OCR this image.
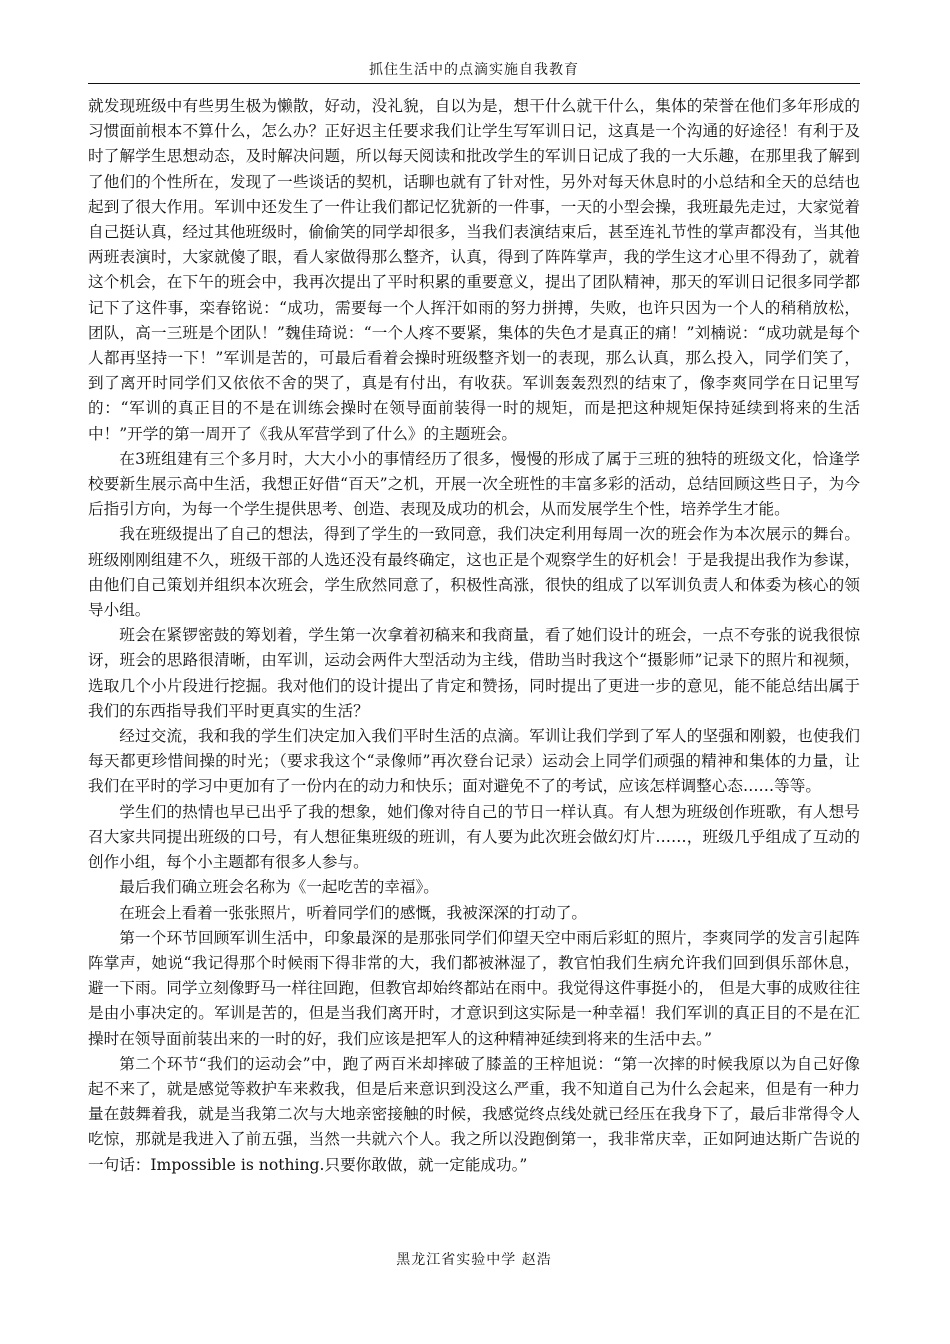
抓住生活中的点滴实施自我教育

就发现班级中有些男生极为懒散，好动，没礼貌，自以为是，想干什么就干什么，集体的荣誉在他们多年形成的习惯面前根本不算什么，怎么办？正好迟主任要求我们让学生写军训日记，这真是一个沟通的好途径！有利于及时了解学生思想动态，及时解决问题，所以每天阅读和批改学生的军训日记成了我的一大乐趣，在那里我了解到了他们的个性所在，发现了一些谈话的契机，话聊也就有了针对性，另外对每天休息时的小总结和全天的总结也起到了很大作用。军训中还发生了一件让我们都记忆犹新的一件事，一天的小型会操，我班最先走过，大家觉着自己挺认真，经过其他班级时，偷偷笑的同学却很多，当我们表演结束后，甚至连礼节性的掌声都没有，当其他两班表演时，大家就傻了眼，看人家做得那么整齐，认真，得到了阵阵掌声，我的学生这才心里不得劲了，就着这个机会，在下午的班会中，我再次提出了平时积累的重要意义，提出了团队精神，那天的军训日记很多同学都记下了这件事，栾春铭说：“成功，需要每一个人挥汗如雨的努力拼搏，失败，也许只因为一个人的稍稍放松，团队，高一三班是个团队！”魏佳琦说：“一个人疼不要紧，集体的失色才是真正的痛！”刘楠说：“成功就是每个人都再坚持一下！”军训是苦的，可最后看着会操时班级整齐划一的表现，那么认真，那么投入，同学们笑了，到了离开时同学们又依依不舍的哭了，真是有付出，有收获。军训轰轰烈烈的结束了，像李爽同学在日记里写的：“军训的真正目的不是在训练会操时在领导面前装得一时的规矩，而是把这种规矩保持延续到将来的生活中！”开学的第一周开了《我从军营学到了什么》的主题班会。

在3班组建有三个多月时，大大小小的事情经历了很多，慢慢的形成了属于三班的独特的班级文化，恰逢学校要新生展示高中生活，我想正好借“百天”之机，开展一次全班性的丰富多彩的活动，总结回顾这些日子，为今后指引方向，为每一个学生提供思考、创造、表现及成功的机会，从而发展学生个性，培养学生才能。

我在班级提出了自己的想法，得到了学生的一致同意，我们决定利用每周一次的班会作为本次展示的舞台。班级刚刚组建不久，班级干部的人选还没有最终确定，这也正是个观察学生的好机会！于是我提出我作为参谋，由他们自己策划并组织本次班会，学生欣然同意了，积极性高涨，很快的组成了以军训负责人和体委为核心的领导小组。

班会在紧锣密鼓的筹划着，学生第一次拿着初稿来和我商量，看了她们设计的班会，一点不夸张的说我很惊讶，班会的思路很清晰，由军训，运动会两件大型活动为主线，借助当时我这个“摄影师”记录下的照片和视频，选取几个小片段进行挖掘。我对他们的设计提出了肯定和赞扬，同时提出了更进一步的意见，能不能总结出属于我们的东西指导我们平时更真实的生活？

经过交流，我和我的学生们决定加入我们平时生活的点滴。军训让我们学到了军人的坚强和刚毅，也使我们每天都更珍惜间操的时光；（要求我这个“录像师”再次登台记录）运动会上同学们顽强的精神和集体的力量，让我们在平时的学习中更加有了一份内在的动力和快乐；面对避免不了的考试，应该怎样调整心态……等等。

学生们的热情也早已出乎了我的想象，她们像对待自己的节日一样认真。有人想为班级创作班歌，有人想号召大家共同提出班级的口号，有人想征集班级的班训，有人要为此次班会做幻灯片……，班级几乎组成了互动的创作小组，每个小主题都有很多人参与。

最后我们确立班会名称为《一起吃苦的幸福》。

在班会上看着一张张照片，听着同学们的感慨，我被深深的打动了。

第一个环节回顾军训生活中，印象最深的是那张同学们仰望天空中雨后彩虹的照片，李爽同学的发言引起阵阵掌声，她说“我记得那个时候雨下得非常的大，我们都被淋湿了，教官怕我们生病允许我们回到俱乐部休息，避一下雨。同学立刻像野马一样往回跑，但教官却始终都站在雨中。我觉得这件事挺小的， 但是大事的成败往往是由小事决定的。军训是苦的，但是当我们离开时，才意识到这实际是一种幸福！我们军训的真正目的不是在汇操时在领导面前装出来的一时的好，我们应该是把军人的这种精神延续到将来的生活中去。”

第二个环节“我们的运动会”中，跑了两百米却摔破了膝盖的王梓旭说：“第一次摔的时候我原以为自己好像起不来了，就是感觉等救护车来救我，但是后来意识到没这么严重，我不知道自己为什么会起来，但是有一种力量在鼓舞着我，就是当我第二次与大地亲密接触的时候，我感觉终点线处就已经压在我身下了，最后非常得令人吃惊，那就是我进入了前五强，当然一共就六个人。我之所以没跑倒第一，我非常庆幸，正如阿迪达斯广告说的一句话：Impossible is nothing.只要你敢做，就一定能成功。”

黑龙江省实验中学 赵浩
